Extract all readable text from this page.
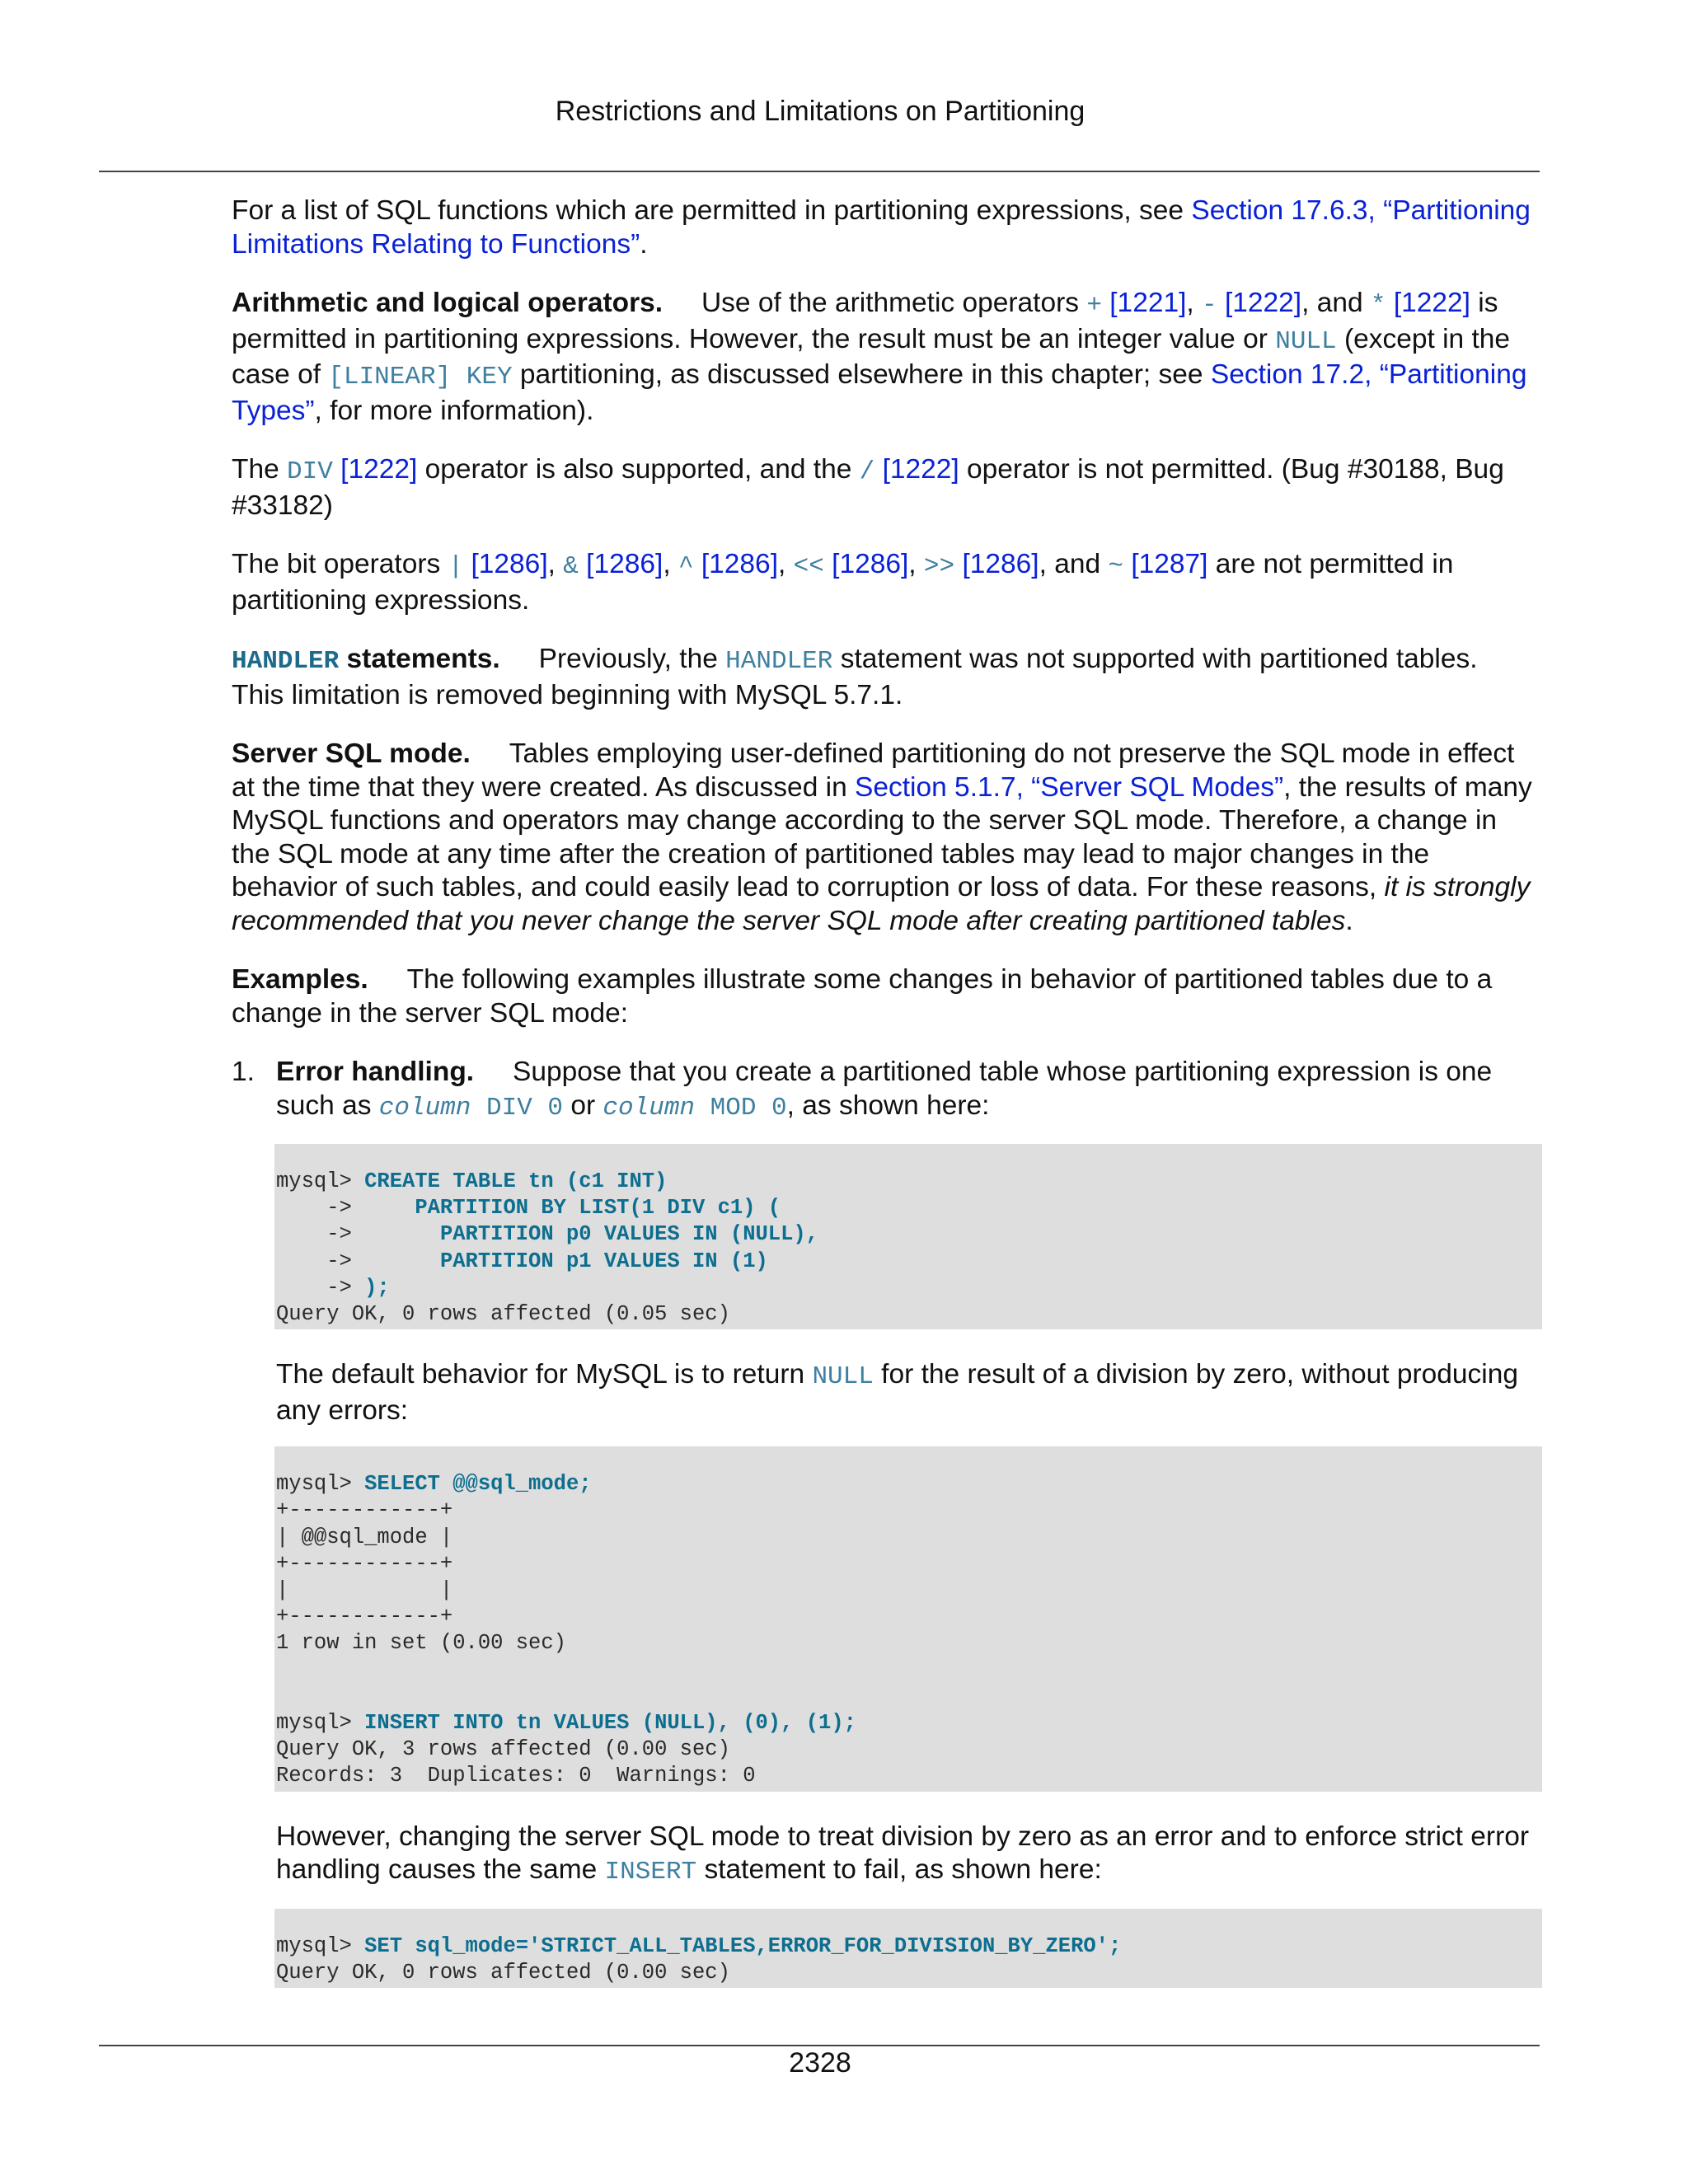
Restrictions and Limitations on Partitioning

For a list of SQL functions which are permitted in partitioning expressions, see Section 17.6.3, “Partitioning Limitations Relating to Functions”.

Arithmetic and logical operators. Use of the arithmetic operators + [1221], - [1222], and * [1222] is permitted in partitioning expressions. However, the result must be an integer value or NULL (except in the case of [LINEAR] KEY partitioning, as discussed elsewhere in this chapter; see Section 17.2, “Partitioning Types”, for more information).

The DIV [1222] operator is also supported, and the / [1222] operator is not permitted. (Bug #30188, Bug #33182)

The bit operators | [1286], & [1286], ^ [1286], << [1286], >> [1286], and ~ [1287] are not permitted in partitioning expressions.

HANDLER statements. Previously, the HANDLER statement was not supported with partitioned tables. This limitation is removed beginning with MySQL 5.7.1.

Server SQL mode. Tables employing user-defined partitioning do not preserve the SQL mode in effect at the time that they were created. As discussed in Section 5.1.7, “Server SQL Modes”, the results of many MySQL functions and operators may change according to the server SQL mode. Therefore, a change in the SQL mode at any time after the creation of partitioned tables may lead to major changes in the behavior of such tables, and could easily lead to corruption or loss of data. For these reasons, it is strongly recommended that you never change the server SQL mode after creating partitioned tables.

Examples. The following examples illustrate some changes in behavior of partitioned tables due to a change in the server SQL mode:

1. Error handling. Suppose that you create a partitioned table whose partitioning expression is one such as column DIV 0 or column MOD 0, as shown here:

mysql> CREATE TABLE tn (c1 INT)
->     PARTITION BY LIST(1 DIV c1) (
->       PARTITION p0 VALUES IN (NULL),
->       PARTITION p1 VALUES IN (1)
-> );
Query OK, 0 rows affected (0.05 sec)

The default behavior for MySQL is to return NULL for the result of a division by zero, without producing any errors:

mysql> SELECT @@sql_mode;
+------------+
| @@sql_mode |
+------------+
|            |
+------------+
1 row in set (0.00 sec)

mysql> INSERT INTO tn VALUES (NULL), (0), (1);
Query OK, 3 rows affected (0.00 sec)
Records: 3  Duplicates: 0  Warnings: 0

However, changing the server SQL mode to treat division by zero as an error and to enforce strict error handling causes the same INSERT statement to fail, as shown here:

mysql> SET sql_mode='STRICT_ALL_TABLES,ERROR_FOR_DIVISION_BY_ZERO';
Query OK, 0 rows affected (0.00 sec)
2328
